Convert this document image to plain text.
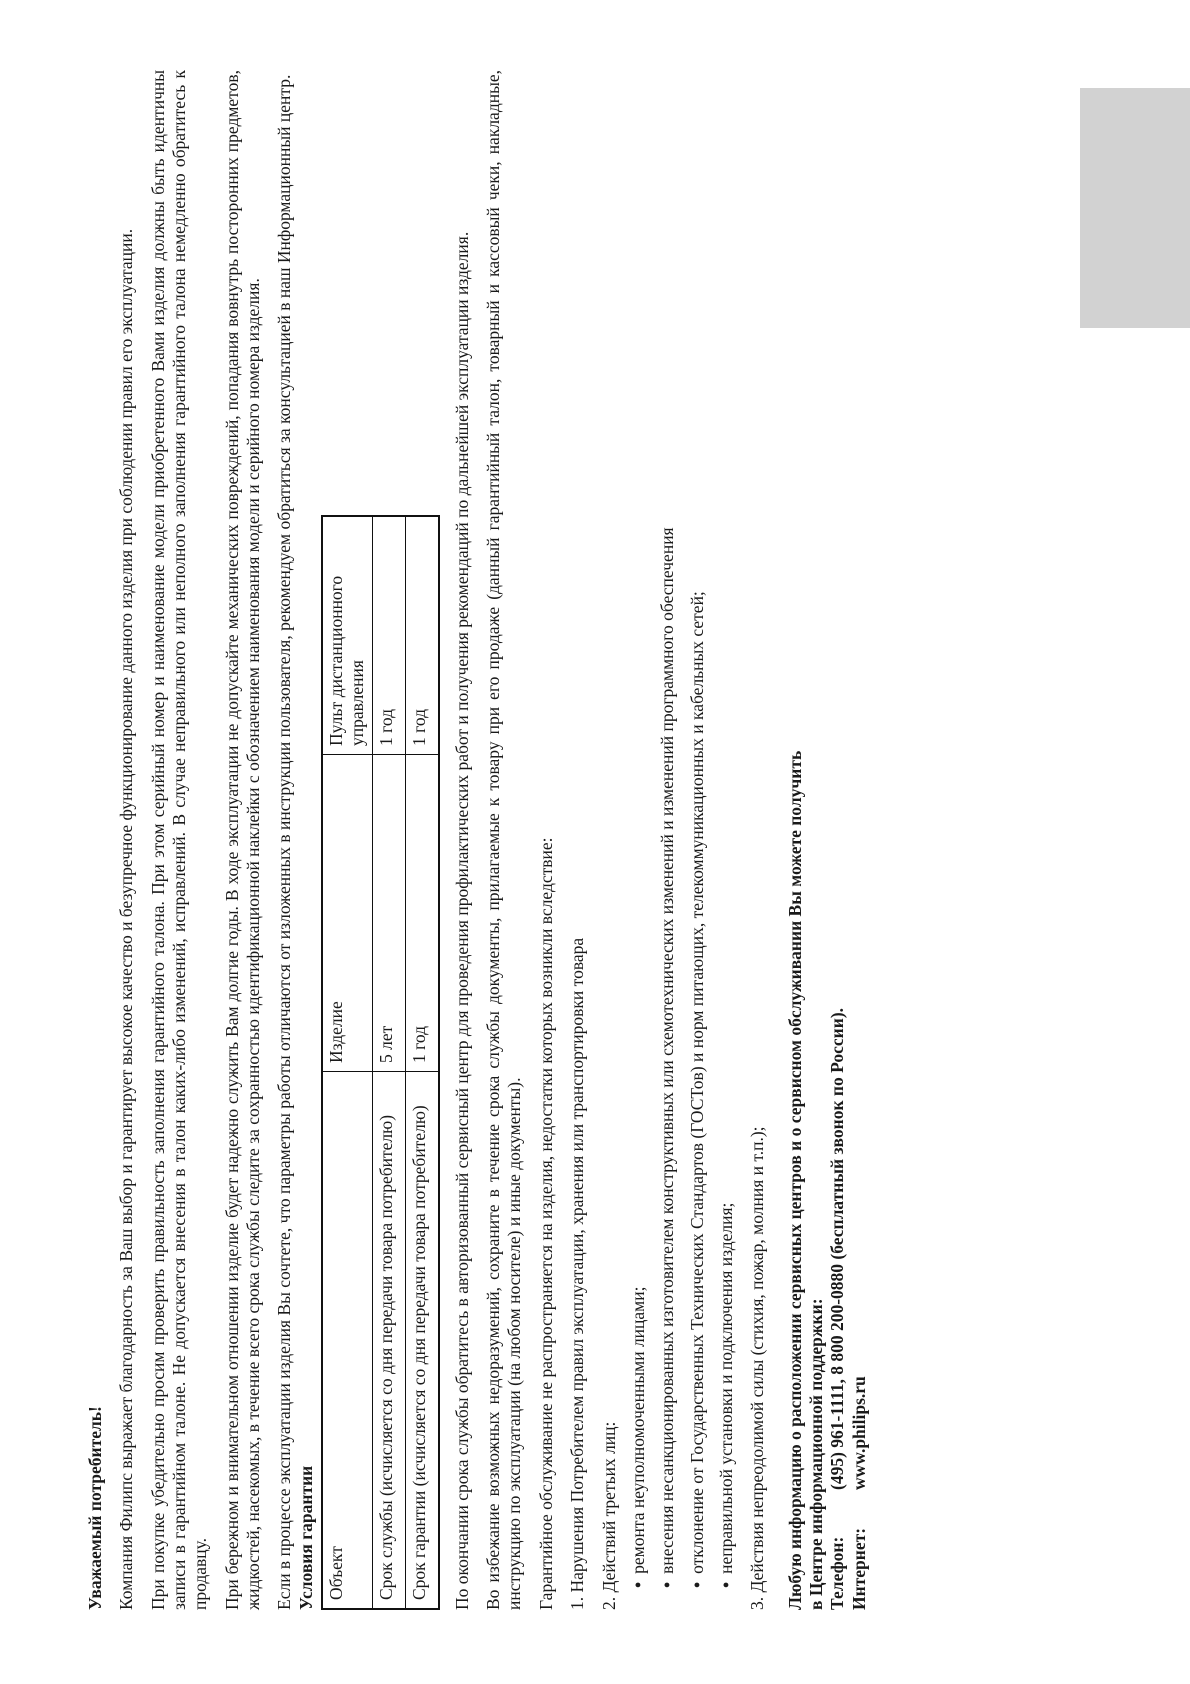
Уважаемый потребитель! Компания Филипс выражает благодарность за Ваш выбор и гарантирует высокое качество и безупречное функционирование данного изделия при соблюдении правил его эксплуатации. При покупке убедительно просим проверить правильность заполнения гарантийного талона. При этом серийный номер и наименование модели приобретенного Вами изделия должны быть идентичны записи в гарантийном талоне. Не допускается внесения в талон каких-либо изменений, исправлений. В случае неправильного или неполного заполнения гарантийного талона немедленно обратитесь к продавцу. При бережном и внимательном отношении изделие будет надежно служить Вам долгие годы. В ходе эксплуатации не допускайте механических повреждений, попадания вовнутрь посторонних предметов, жидкостей, насекомых, в течение всего срока службы следите за сохранностью идентификационной наклейки с обозначением наименования модели и серийного номера изделия. Если в процессе эксплуатации изделия Вы сочтете, что параметры работы отличаются от изложенных в инструкции пользователя, рекомендуем обратиться за консультацией в наш Информационный центр. Условия гарантии Объект	Изделие	Пульт дистанционного управления
Срок службы (исчисляется со дня передачи товара потребителю)	5 лет	1 год
Срок гарантии (исчисляется со дня передачи товара потребителю)	1 год	1 год По окончании срока службы обратитесь в авторизованный сервисный центр для проведения профилактических работ и получения рекомендаций по дальнейшей эксплуатации изделия. Во избежание возможных недоразумений, сохраните в течение срока службы документы, прилагаемые к товару при его продаже (данный гарантийный талон, товарный и кассовый чеки, накладные, инструкцию по эксплуатации (на любом носителе) и иные документы). Гарантийное обслуживание не распространяется на изделия, недостатки которых возникли вследствие: 1. Нарушения Потребителем правил эксплуатации, хранения или транспортировки товара 2. Действий третьих лиц: •ремонта неуполномоченными лицами;

•внесения несанкционированных изготовителем конструктивных или схемотехнических изменений и изменений программного обеспечения

•отклонение от Государственных Технических Стандартов (ГОСТов) и норм питающих, телекоммуникационных и кабельных сетей;

•неправильной установки и подключения изделия; 3. Действия непреодолимой силы (стихия, пожар, молния и т.п.); Любую информацию о расположении сервисных центров и о сервисном обслуживании Вы можете получить в Центре информационной поддержки: Телефон:
(495) 961-1111, 8 800 200-0880 (бесплатный звонок по России).
Интернет:
www.philips.ru
